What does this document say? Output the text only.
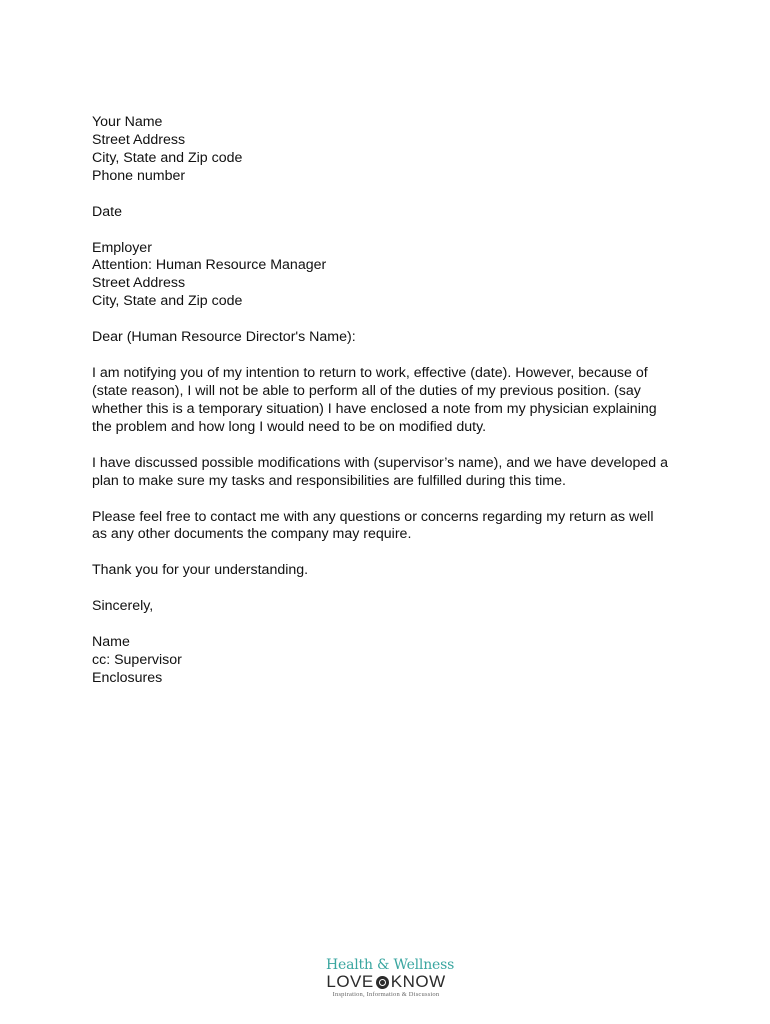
Your Name
Street Address
City, State and Zip code
Phone number
Date
Employer
Attention: Human Resource Manager
Street Address
City, State and Zip code
Dear (Human Resource Director's Name):

I am notifying you of my intention to return to work, effective (date). However, because of (state reason), I will not be able to perform all of the duties of my previous position. (say whether this is a temporary situation) I have enclosed a note from my physician explaining the problem and how long I would need to be on modified duty.

I have discussed possible modifications with (supervisor’s name), and we have developed a plan to make sure my tasks and responsibilities are fulfilled during this time.

Please feel free to contact me with any questions or concerns regarding my return as well as any other documents the company may require.

Thank you for your understanding.

Sincerely,
Name
cc: Supervisor
Enclosures
Health & Wellness
LOVE KNOW
Inspiration, Information & Discussion
